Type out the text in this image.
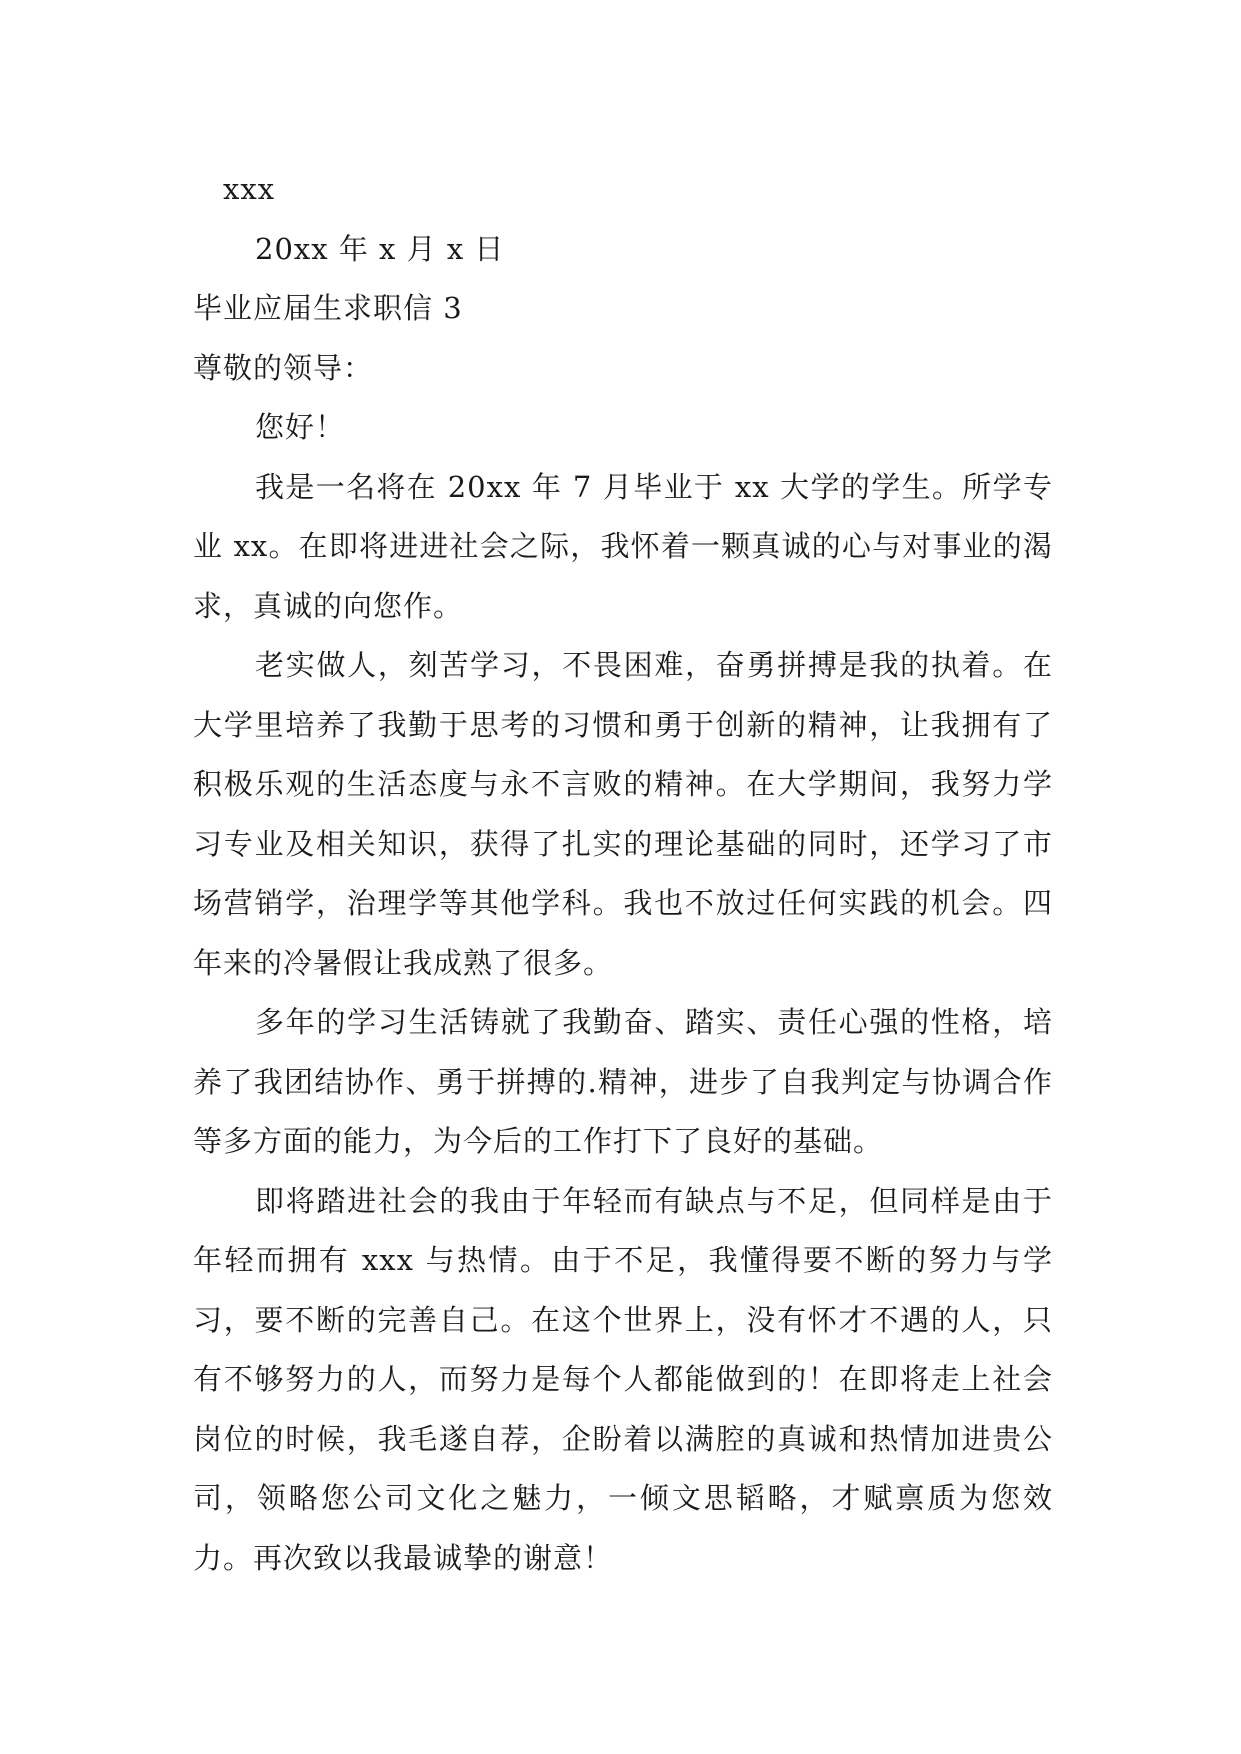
xxx
20xx 年 x 月 x 日
毕业应届生求职信 3
尊敬的领导：
您好！
我是一名将在 20xx 年 7 月毕业于 xx 大学的学生。所学专业 xx。在即将进进社会之际，我怀着一颗真诚的心与对事业的渴求，真诚的向您作。
老实做人，刻苦学习，不畏困难，奋勇拼搏是我的执着。在大学里培养了我勤于思考的习惯和勇于创新的精神，让我拥有了积极乐观的生活态度与永不言败的精神。在大学期间，我努力学习专业及相关知识，获得了扎实的理论基础的同时，还学习了市场营销学，治理学等其他学科。我也不放过任何实践的机会。四年来的冷暑假让我成熟了很多。
多年的学习生活铸就了我勤奋、踏实、责任心强的性格，培养了我团结协作、勇于拼搏的.精神，进步了自我判定与协调合作等多方面的能力，为今后的工作打下了良好的基础。
即将踏进社会的我由于年轻而有缺点与不足，但同样是由于年轻而拥有 xxx 与热情。由于不足，我懂得要不断的努力与学习，要不断的完善自己。在这个世界上，没有怀才不遇的人，只有不够努力的人，而努力是每个人都能做到的！在即将走上社会岗位的时候，我毛遂自荐，企盼着以满腔的真诚和热情加进贵公司，领略您公司文化之魅力，一倾文思韬略，才赋禀质为您效力。再次致以我最诚挚的谢意！
